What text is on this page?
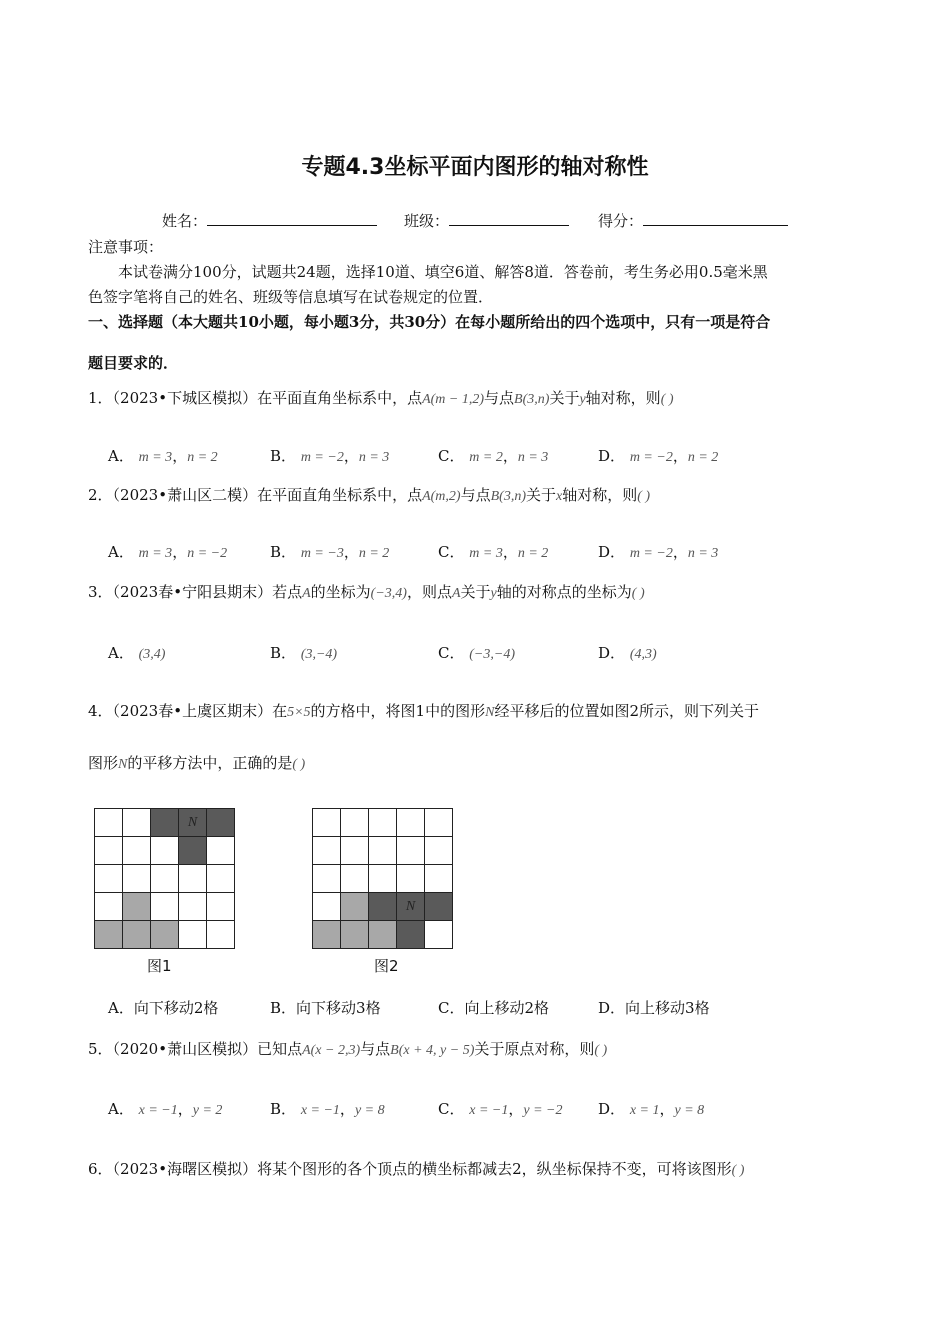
专题4.3坐标平面内图形的轴对称性
姓名：	班级：	得分：
注意事项：
本试卷满分100分，试题共24题，选择10道、填空6道、解答8道．答卷前，考生务必用0.5毫米黑
色签字笔将自己的姓名、班级等信息填写在试卷规定的位置．
一、选择题（本大题共10小题，每小题3分，共30分）在每小题所给出的四个选项中，只有一项是符合
题目要求的．
1．（2023•下城区模拟）在平面直角坐标系中，点A(m − 1,2)与点B(3,n)关于y轴对称，则( )
A． m = 3，n = 2	B． m = −2，n = 3	C． m = 2，n = 3	D． m = −2，n = 2
2．（2023•萧山区二模）在平面直角坐标系中，点A(m,2)与点B(3,n)关于x轴对称，则( )
A． m = 3，n = −2	B． m = −3，n = 2	C． m = 3，n = 2	D． m = −2，n = 3
3．（2023春•宁阳县期末）若点A的坐标为(−3,4)，则点A关于y轴的对称点的坐标为( )
A． (3,4)	B． (3,−4)	C． (−3,−4)	D． (4,3)
4．（2023春•上虞区期末）在5×5的方格中，将图1中的图形N经平移后的位置如图2所示，则下列关于
图形N的平移方法中，正确的是( )
N
图1
N
图2
A．向下移动2格	B．向下移动3格	C．向上移动2格	D．向上移动3格
5．（2020•萧山区模拟）已知点A(x − 2,3)与点B(x + 4, y − 5)关于原点对称，则( )
A． x = −1，y = 2	B． x = −1，y = 8	C． x = −1，y = −2 D． x = 1，y = 8
6．（2023•海曙区模拟）将某个图形的各个顶点的横坐标都减去2，纵坐标保持不变，可将该图形( )
